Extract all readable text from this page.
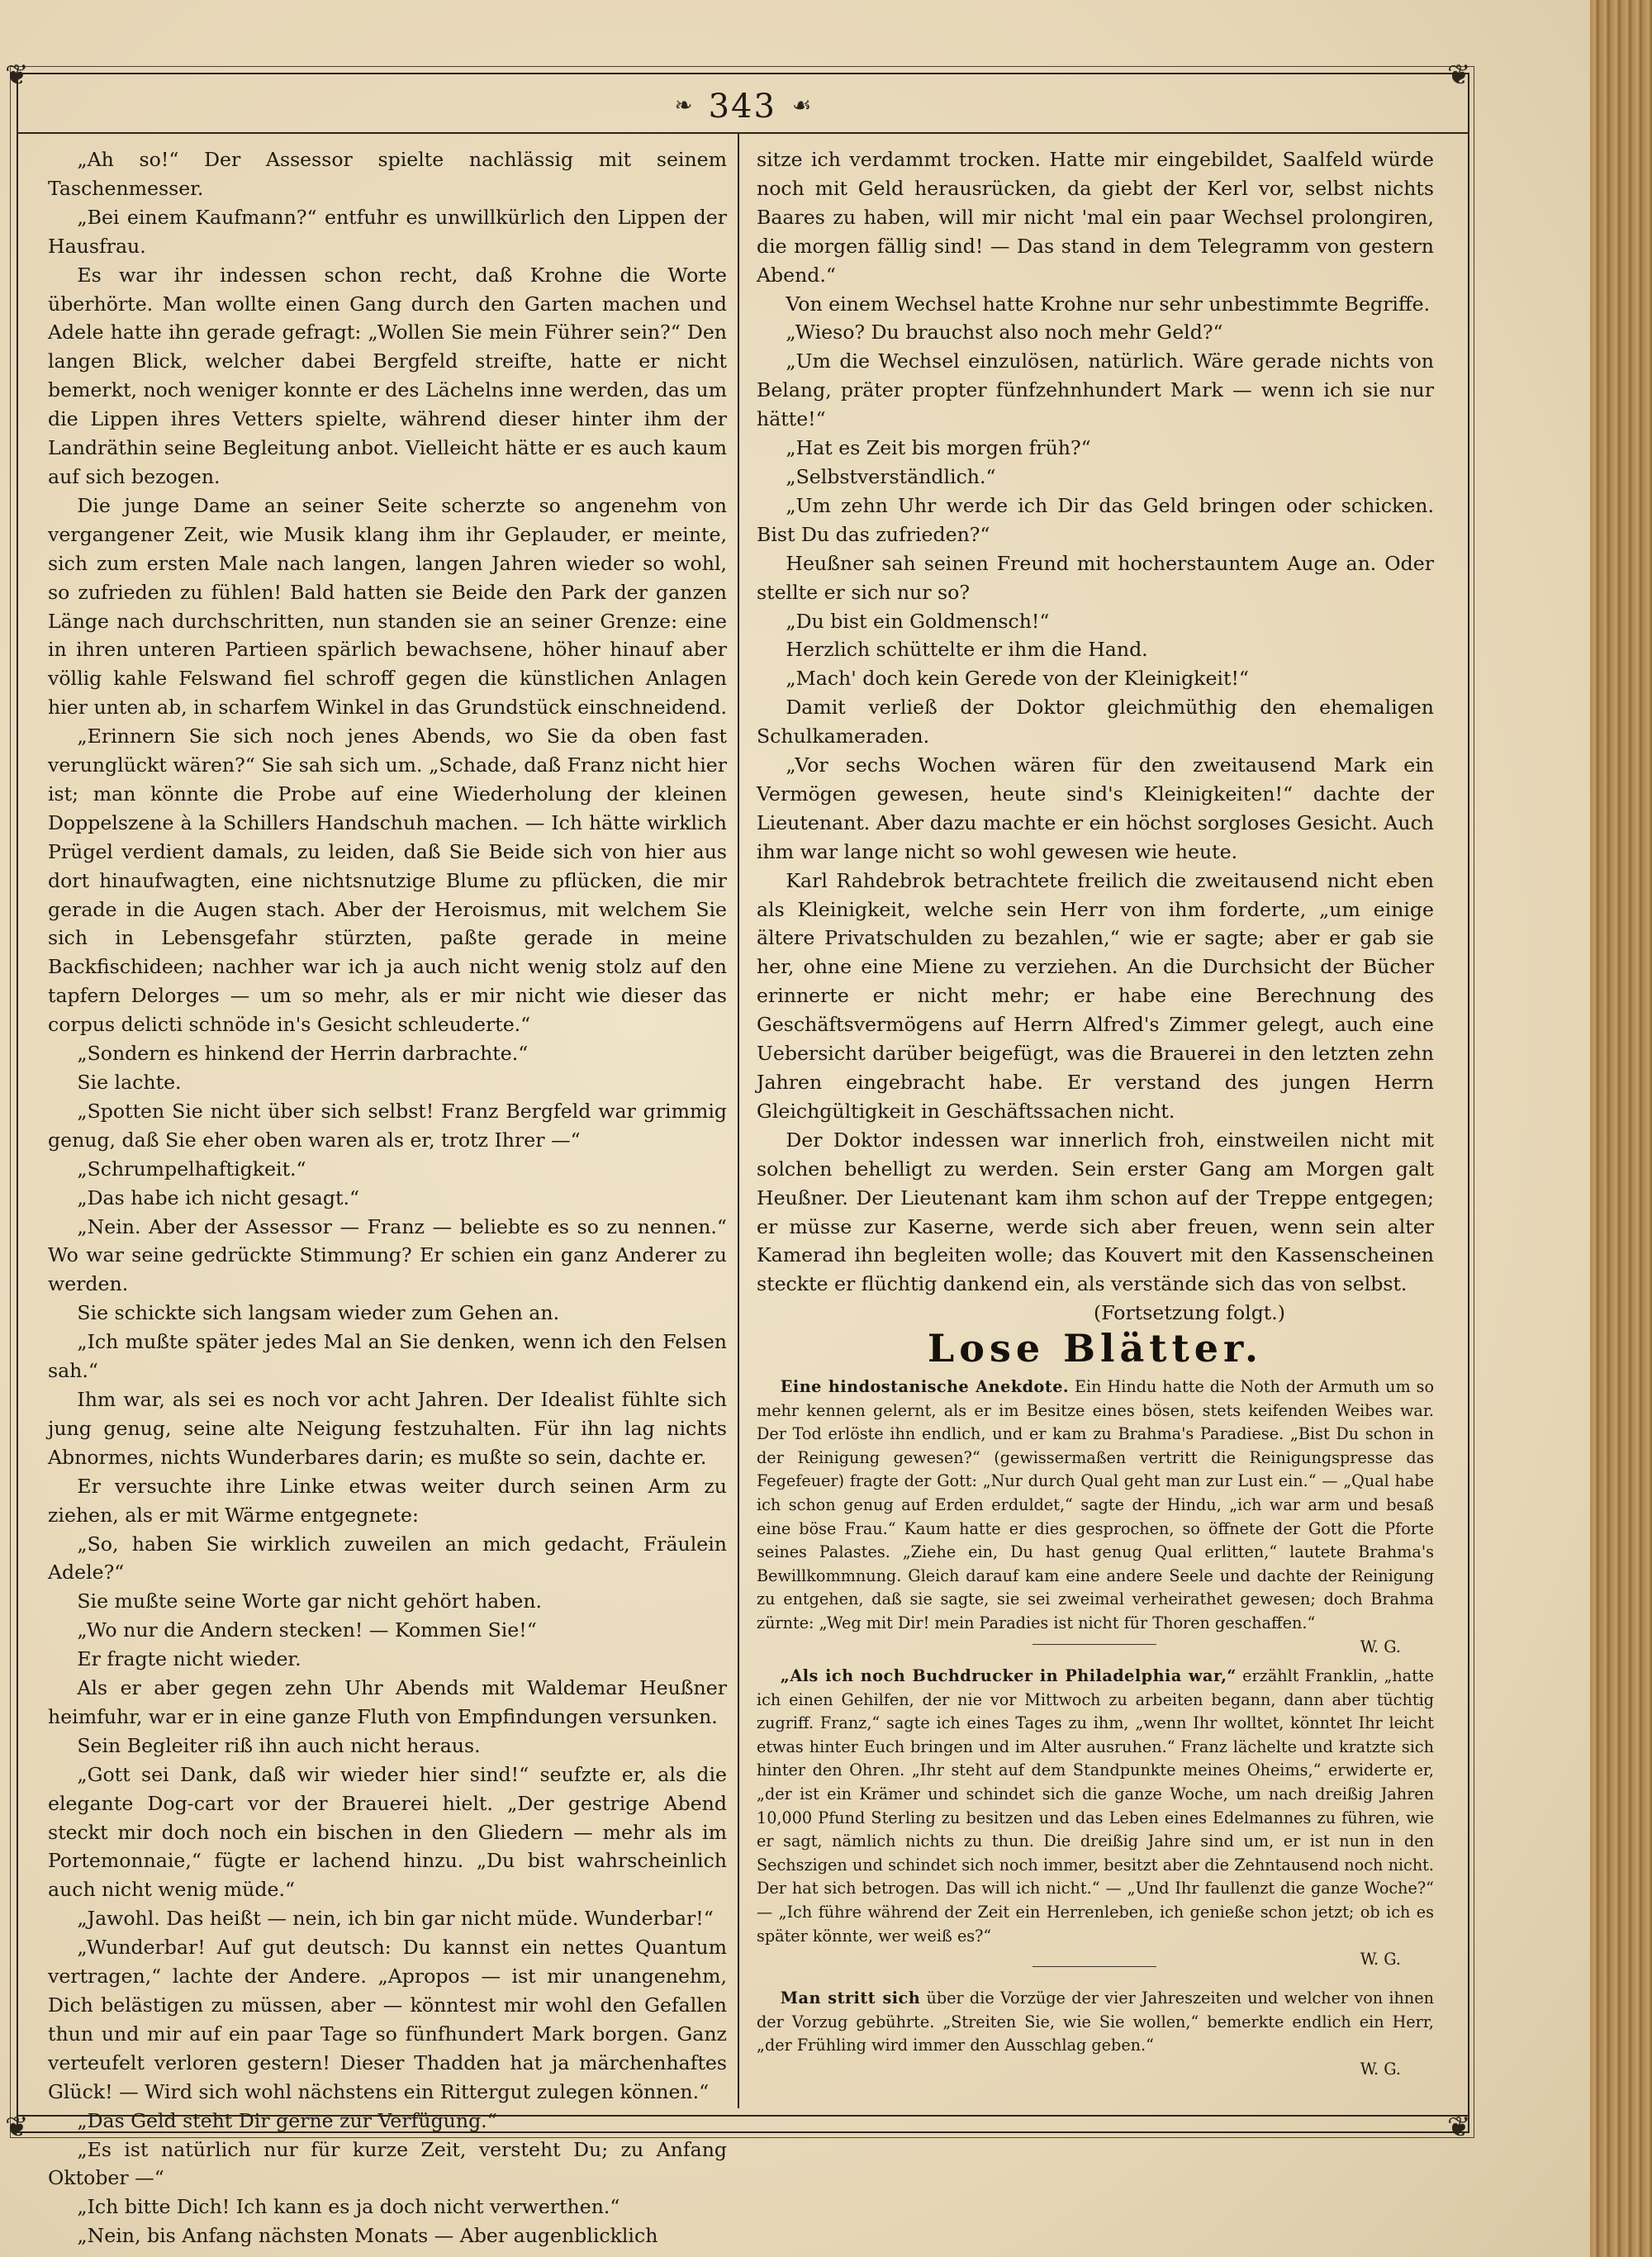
❦	❦
❦	❦
❧ 343 ☙

„Ah so!“ Der Assessor spielte nachlässig mit seinem Taschenmesser.

„Bei einem Kaufmann?“ entfuhr es unwillkürlich den Lippen der Hausfrau.

Es war ihr indessen schon recht, daß Krohne die Worte überhörte. Man wollte einen Gang durch den Garten machen und Adele hatte ihn gerade gefragt: „Wollen Sie mein Führer sein?“ Den langen Blick, welcher dabei Bergfeld streifte, hatte er nicht bemerkt, noch weniger konnte er des Lächelns inne werden, das um die Lippen ihres Vetters spielte, während dieser hinter ihm der Landräthin seine Begleitung anbot. Vielleicht hätte er es auch kaum auf sich bezogen.

Die junge Dame an seiner Seite scherzte so angenehm von vergangener Zeit, wie Musik klang ihm ihr Geplauder, er meinte, sich zum ersten Male nach langen, langen Jahren wieder so wohl, so zufrieden zu fühlen! Bald hatten sie Beide den Park der ganzen Länge nach durchschritten, nun standen sie an seiner Grenze: eine in ihren unteren Partieen spärlich bewachsene, höher hinauf aber völlig kahle Felswand fiel schroff gegen die künstlichen Anlagen hier unten ab, in scharfem Winkel in das Grundstück einschneidend.

„Erinnern Sie sich noch jenes Abends, wo Sie da oben fast verunglückt wären?“ Sie sah sich um. „Schade, daß Franz nicht hier ist; man könnte die Probe auf eine Wiederholung der kleinen Doppelszene à la Schillers Handschuh machen. — Ich hätte wirklich Prügel verdient damals, zu leiden, daß Sie Beide sich von hier aus dort hinaufwagten, eine nichtsnutzige Blume zu pflücken, die mir gerade in die Augen stach. Aber der Heroismus, mit welchem Sie sich in Lebensgefahr stürzten, paßte gerade in meine Backfischideen; nachher war ich ja auch nicht wenig stolz auf den tapfern Delorges — um so mehr, als er mir nicht wie dieser das corpus delicti schnöde in's Gesicht schleuderte.“

„Sondern es hinkend der Herrin darbrachte.“

Sie lachte.

„Spotten Sie nicht über sich selbst! Franz Bergfeld war grimmig genug, daß Sie eher oben waren als er, trotz Ihrer —“

„Schrumpelhaftigkeit.“

„Das habe ich nicht gesagt.“

„Nein. Aber der Assessor — Franz — beliebte es so zu nennen.“ Wo war seine gedrückte Stimmung? Er schien ein ganz Anderer zu werden.

Sie schickte sich langsam wieder zum Gehen an.

„Ich mußte später jedes Mal an Sie denken, wenn ich den Felsen sah.“

Ihm war, als sei es noch vor acht Jahren. Der Idealist fühlte sich jung genug, seine alte Neigung festzuhalten. Für ihn lag nichts Abnormes, nichts Wunderbares darin; es mußte so sein, dachte er.

Er versuchte ihre Linke etwas weiter durch seinen Arm zu ziehen, als er mit Wärme entgegnete:

„So, haben Sie wirklich zuweilen an mich gedacht, Fräulein Adele?“

Sie mußte seine Worte gar nicht gehört haben.

„Wo nur die Andern stecken! — Kommen Sie!“

Er fragte nicht wieder.

Als er aber gegen zehn Uhr Abends mit Waldemar Heußner heimfuhr, war er in eine ganze Fluth von Empfindungen versunken.

Sein Begleiter riß ihn auch nicht heraus.

„Gott sei Dank, daß wir wieder hier sind!“ seufzte er, als die elegante Dog-cart vor der Brauerei hielt. „Der gestrige Abend steckt mir doch noch ein bischen in den Gliedern — mehr als im Portemonnaie,“ fügte er lachend hinzu. „Du bist wahrscheinlich auch nicht wenig müde.“

„Jawohl. Das heißt — nein, ich bin gar nicht müde. Wunderbar!“

„Wunderbar! Auf gut deutsch: Du kannst ein nettes Quantum vertragen,“ lachte der Andere. „Apropos — ist mir unangenehm, Dich belästigen zu müssen, aber — könntest mir wohl den Gefallen thun und mir auf ein paar Tage so fünfhundert Mark borgen. Ganz verteufelt verloren gestern! Dieser Thadden hat ja märchenhaftes Glück! — Wird sich wohl nächstens ein Rittergut zulegen können.“

„Das Geld steht Dir gerne zur Verfügung.“

„Es ist natürlich nur für kurze Zeit, versteht Du; zu Anfang Oktober —“

„Ich bitte Dich! Ich kann es ja doch nicht verwerthen.“

„Nein, bis Anfang nächsten Monats — Aber augenblicklich

sitze ich verdammt trocken. Hatte mir eingebildet, Saalfeld würde noch mit Geld herausrücken, da giebt der Kerl vor, selbst nichts Baares zu haben, will mir nicht 'mal ein paar Wechsel prolongiren, die morgen fällig sind! — Das stand in dem Telegramm von gestern Abend.“

Von einem Wechsel hatte Krohne nur sehr unbestimmte Begriffe.

„Wieso? Du brauchst also noch mehr Geld?“

„Um die Wechsel einzulösen, natürlich. Wäre gerade nichts von Belang, präter propter fünfzehnhundert Mark — wenn ich sie nur hätte!“

„Hat es Zeit bis morgen früh?“

„Selbstverständlich.“

„Um zehn Uhr werde ich Dir das Geld bringen oder schicken. Bist Du das zufrieden?“

Heußner sah seinen Freund mit hocherstauntem Auge an. Oder stellte er sich nur so?

„Du bist ein Goldmensch!“

Herzlich schüttelte er ihm die Hand.

„Mach' doch kein Gerede von der Kleinigkeit!“

Damit verließ der Doktor gleichmüthig den ehemaligen Schulkameraden.

„Vor sechs Wochen wären für den zweitausend Mark ein Vermögen gewesen, heute sind's Kleinigkeiten!“ dachte der Lieutenant. Aber dazu machte er ein höchst sorgloses Gesicht. Auch ihm war lange nicht so wohl gewesen wie heute.

Karl Rahdebrok betrachtete freilich die zweitausend nicht eben als Kleinigkeit, welche sein Herr von ihm forderte, „um einige ältere Privatschulden zu bezahlen,“ wie er sagte; aber er gab sie her, ohne eine Miene zu verziehen. An die Durchsicht der Bücher erinnerte er nicht mehr; er habe eine Berechnung des Geschäftsvermögens auf Herrn Alfred's Zimmer gelegt, auch eine Uebersicht darüber beigefügt, was die Brauerei in den letzten zehn Jahren eingebracht habe. Er verstand des jungen Herrn Gleichgültigkeit in Geschäftssachen nicht.

Der Doktor indessen war innerlich froh, einstweilen nicht mit solchen behelligt zu werden. Sein erster Gang am Morgen galt Heußner. Der Lieutenant kam ihm schon auf der Treppe entgegen; er müsse zur Kaserne, werde sich aber freuen, wenn sein alter Kamerad ihn begleiten wolle; das Kouvert mit den Kassenscheinen steckte er flüchtig dankend ein, als verstände sich das von selbst.

(Fortsetzung folgt.)

Lose Blätter.

Eine hindostanische Anekdote. Ein Hindu hatte die Noth der Armuth um so mehr kennen gelernt, als er im Besitze eines bösen, stets keifenden Weibes war. Der Tod erlöste ihn endlich, und er kam zu Brahma's Paradiese. „Bist Du schon in der Reinigung gewesen?“ (gewissermaßen vertritt die Reinigungspresse das Fegefeuer) fragte der Gott: „Nur durch Qual geht man zur Lust ein.“ — „Qual habe ich schon genug auf Erden erduldet,“ sagte der Hindu, „ich war arm und besaß eine böse Frau.“ Kaum hatte er dies gesprochen, so öffnete der Gott die Pforte seines Palastes. „Ziehe ein, Du hast genug Qual erlitten,“ lautete Brahma's Bewillkommnung. Gleich darauf kam eine andere Seele und dachte der Reinigung zu entgehen, daß sie sagte, sie sei zweimal verheirathet gewesen; doch Brahma zürnte: „Weg mit Dir! mein Paradies ist nicht für Thoren geschaffen.“

W. G.

„Als ich noch Buchdrucker in Philadelphia war,“ erzählt Franklin, „hatte ich einen Gehilfen, der nie vor Mittwoch zu arbeiten begann, dann aber tüchtig zugriff. Franz,“ sagte ich eines Tages zu ihm, „wenn Ihr wolltet, könntet Ihr leicht etwas hinter Euch bringen und im Alter ausruhen.“ Franz lächelte und kratzte sich hinter den Ohren. „Ihr steht auf dem Standpunkte meines Oheims,“ erwiderte er, „der ist ein Krämer und schindet sich die ganze Woche, um nach dreißig Jahren 10,000 Pfund Sterling zu besitzen und das Leben eines Edelmannes zu führen, wie er sagt, nämlich nichts zu thun. Die dreißig Jahre sind um, er ist nun in den Sechszigen und schindet sich noch immer, besitzt aber die Zehntausend noch nicht. Der hat sich betrogen. Das will ich nicht.“ — „Und Ihr faullenzt die ganze Woche?“ — „Ich führe während der Zeit ein Herrenleben, ich genieße schon jetzt; ob ich es später könnte, wer weiß es?“

W. G.

Man stritt sich über die Vorzüge der vier Jahreszeiten und welcher von ihnen der Vorzug gebührte. „Streiten Sie, wie Sie wollen,“ bemerkte endlich ein Herr, „der Frühling wird immer den Ausschlag geben.“

W. G.
